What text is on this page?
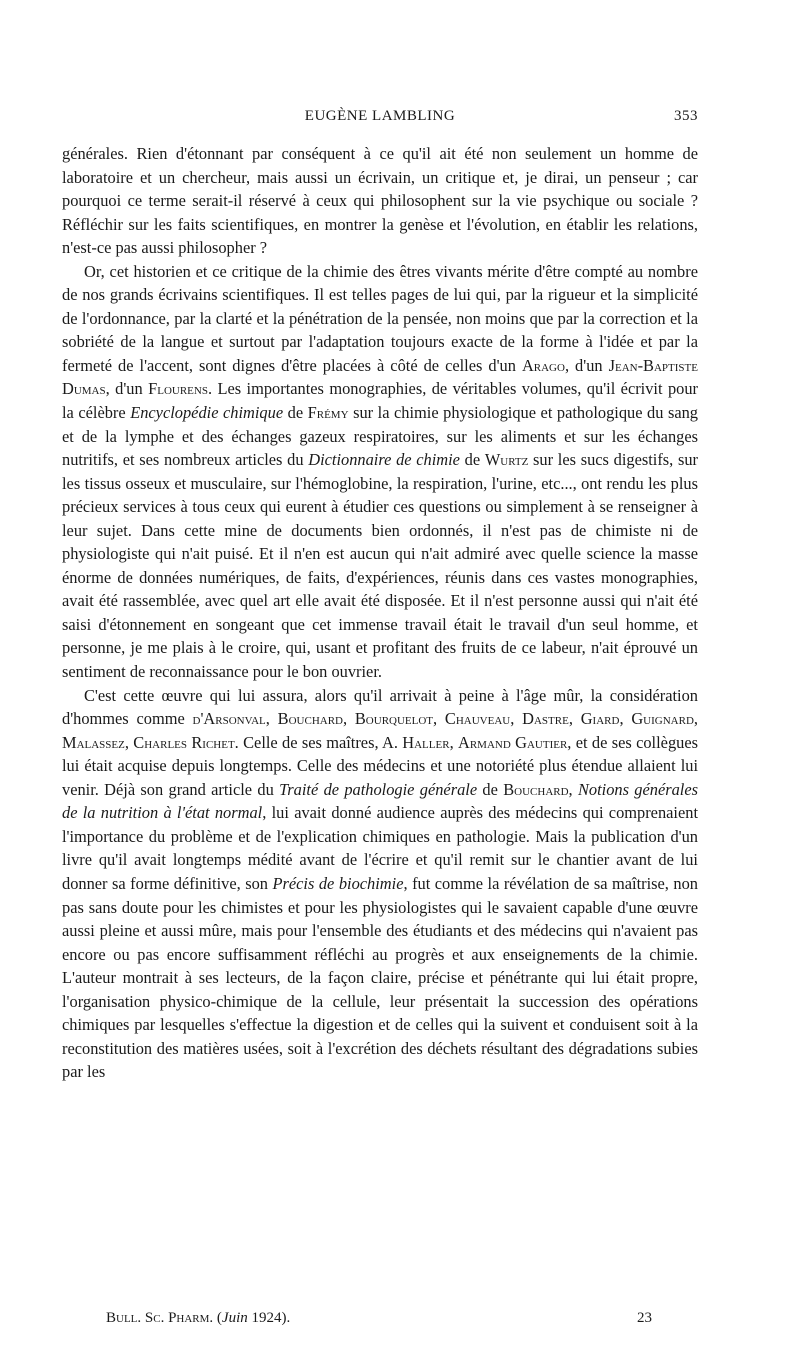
EUGÈNE LAMBLING	353

générales. Rien d'étonnant par conséquent à ce qu'il ait été non seulement un homme de laboratoire et un chercheur, mais aussi un écrivain, un critique et, je dirai, un penseur ; car pourquoi ce terme serait-il réservé à ceux qui philosophent sur la vie psychique ou sociale ? Réfléchir sur les faits scientifiques, en montrer la genèse et l'évolution, en établir les relations, n'est-ce pas aussi philosopher ?

Or, cet historien et ce critique de la chimie des êtres vivants mérite d'être compté au nombre de nos grands écrivains scientifiques. Il est telles pages de lui qui, par la rigueur et la simplicité de l'ordonnance, par la clarté et la pénétration de la pensée, non moins que par la correction et la sobriété de la langue et surtout par l'adaptation toujours exacte de la forme à l'idée et par la fermeté de l'accent, sont dignes d'être placées à côté de celles d'un Arago, d'un Jean-Baptiste Dumas, d'un Flourens. Les importantes monographies, de véritables volumes, qu'il écrivit pour la célèbre Encyclopédie chimique de Frémy sur la chimie physiologique et pathologique du sang et de la lymphe et des échanges gazeux respiratoires, sur les aliments et sur les échanges nutritifs, et ses nombreux articles du Dictionnaire de chimie de Wurtz sur les sucs digestifs, sur les tissus osseux et musculaire, sur l'hémoglobine, la respiration, l'urine, etc..., ont rendu les plus précieux services à tous ceux qui eurent à étudier ces questions ou simplement à se renseigner à leur sujet. Dans cette mine de documents bien ordonnés, il n'est pas de chimiste ni de physiologiste qui n'ait puisé. Et il n'en est aucun qui n'ait admiré avec quelle science la masse énorme de données numériques, de faits, d'expériences, réunis dans ces vastes monographies, avait été rassemblée, avec quel art elle avait été disposée. Et il n'est personne aussi qui n'ait été saisi d'étonnement en songeant que cet immense travail était le travail d'un seul homme, et personne, je me plais à le croire, qui, usant et profitant des fruits de ce labeur, n'ait éprouvé un sentiment de reconnaissance pour le bon ouvrier.

C'est cette œuvre qui lui assura, alors qu'il arrivait à peine à l'âge mûr, la considération d'hommes comme d'Arsonval, Bouchard, Bourquelot, Chauveau, Dastre, Giard, Guignard, Malassez, Charles Richet. Celle de ses maîtres, A. Haller, Armand Gautier, et de ses collègues lui était acquise depuis longtemps. Celle des médecins et une notoriété plus étendue allaient lui venir. Déjà son grand article du Traité de pathologie générale de Bouchard, Notions générales de la nutrition à l'état normal, lui avait donné audience auprès des médecins qui comprenaient l'importance du problème et de l'explication chimiques en pathologie. Mais la publication d'un livre qu'il avait longtemps médité avant de l'écrire et qu'il remit sur le chantier avant de lui donner sa forme définitive, son Précis de biochimie, fut comme la révélation de sa maîtrise, non pas sans doute pour les chimistes et pour les physiologistes qui le savaient capable d'une œuvre aussi pleine et aussi mûre, mais pour l'ensemble des étudiants et des médecins qui n'avaient pas encore ou pas encore suffisamment réfléchi au progrès et aux enseignements de la chimie. L'auteur montrait à ses lecteurs, de la façon claire, précise et pénétrante qui lui était propre, l'organisation physico-chimique de la cellule, leur présentait la succession des opérations chimiques par lesquelles s'effectue la digestion et de celles qui la suivent et conduisent soit à la reconstitution des matières usées, soit à l'excrétion des déchets résultant des dégradations subies par les

Bull. Sc. Pharm. (Juin 1924).	23
